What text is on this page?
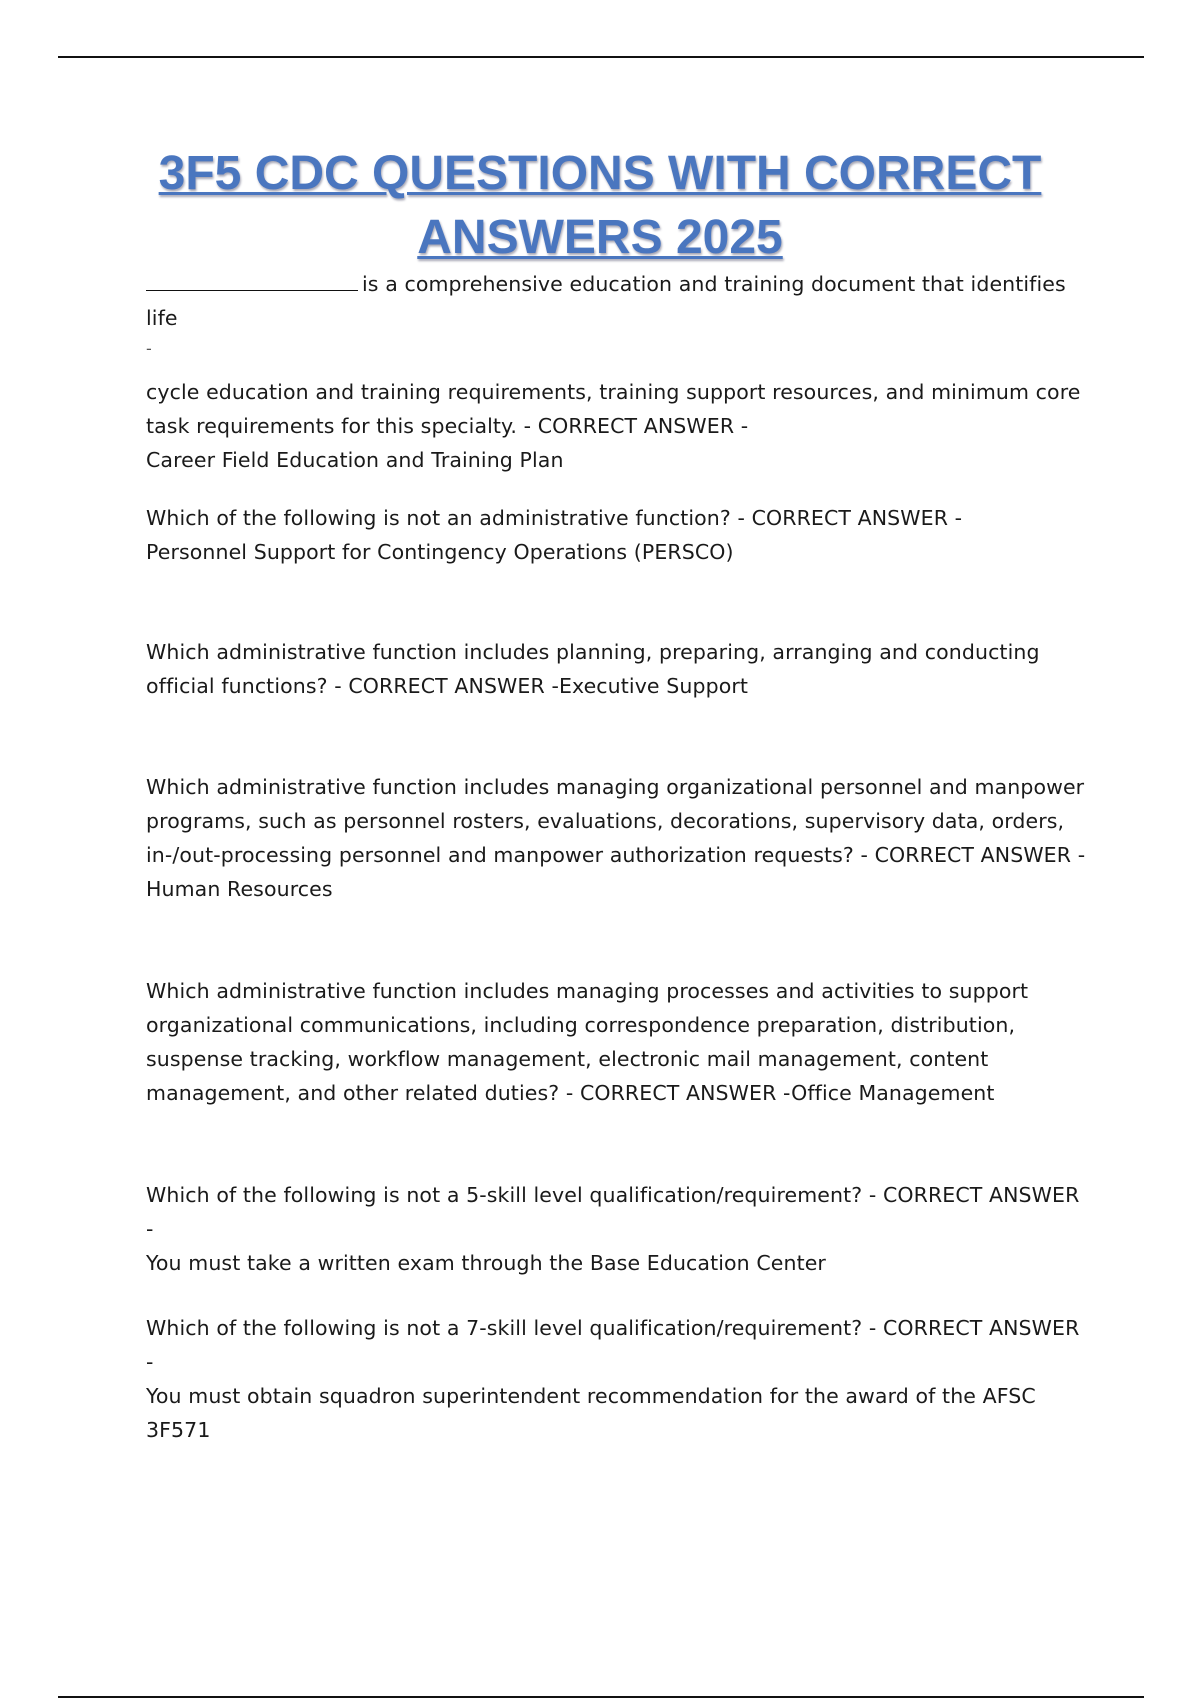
3F5 CDC QUESTIONS WITH CORRECT ANSWERS 2025

is a comprehensive education and training document that identifies life

-

cycle education and training requirements, training support resources, and minimum core task requirements for this specialty. - CORRECT ANSWER -

Career Field Education and Training Plan

Which of the following is not an administrative function? - CORRECT ANSWER -

Personnel Support for Contingency Operations (PERSCO)

Which administrative function includes planning, preparing, arranging and conducting official functions? - CORRECT ANSWER -Executive Support

Which administrative function includes managing organizational personnel and manpower programs, such as personnel rosters, evaluations, decorations, supervisory data, orders, in-/out-processing personnel and manpower authorization requests? - CORRECT ANSWER -

Human Resources

Which administrative function includes managing processes and activities to support organizational communications, including correspondence preparation, distribution, suspense tracking, workflow management, electronic mail management, content management, and other related duties? - CORRECT ANSWER -Office Management

Which of the following is not a 5-skill level qualification/requirement? - CORRECT ANSWER -

You must take a written exam through the Base Education Center

Which of the following is not a 7-skill level qualification/requirement? - CORRECT ANSWER -

You must obtain squadron superintendent recommendation for the award of the AFSC 3F571
